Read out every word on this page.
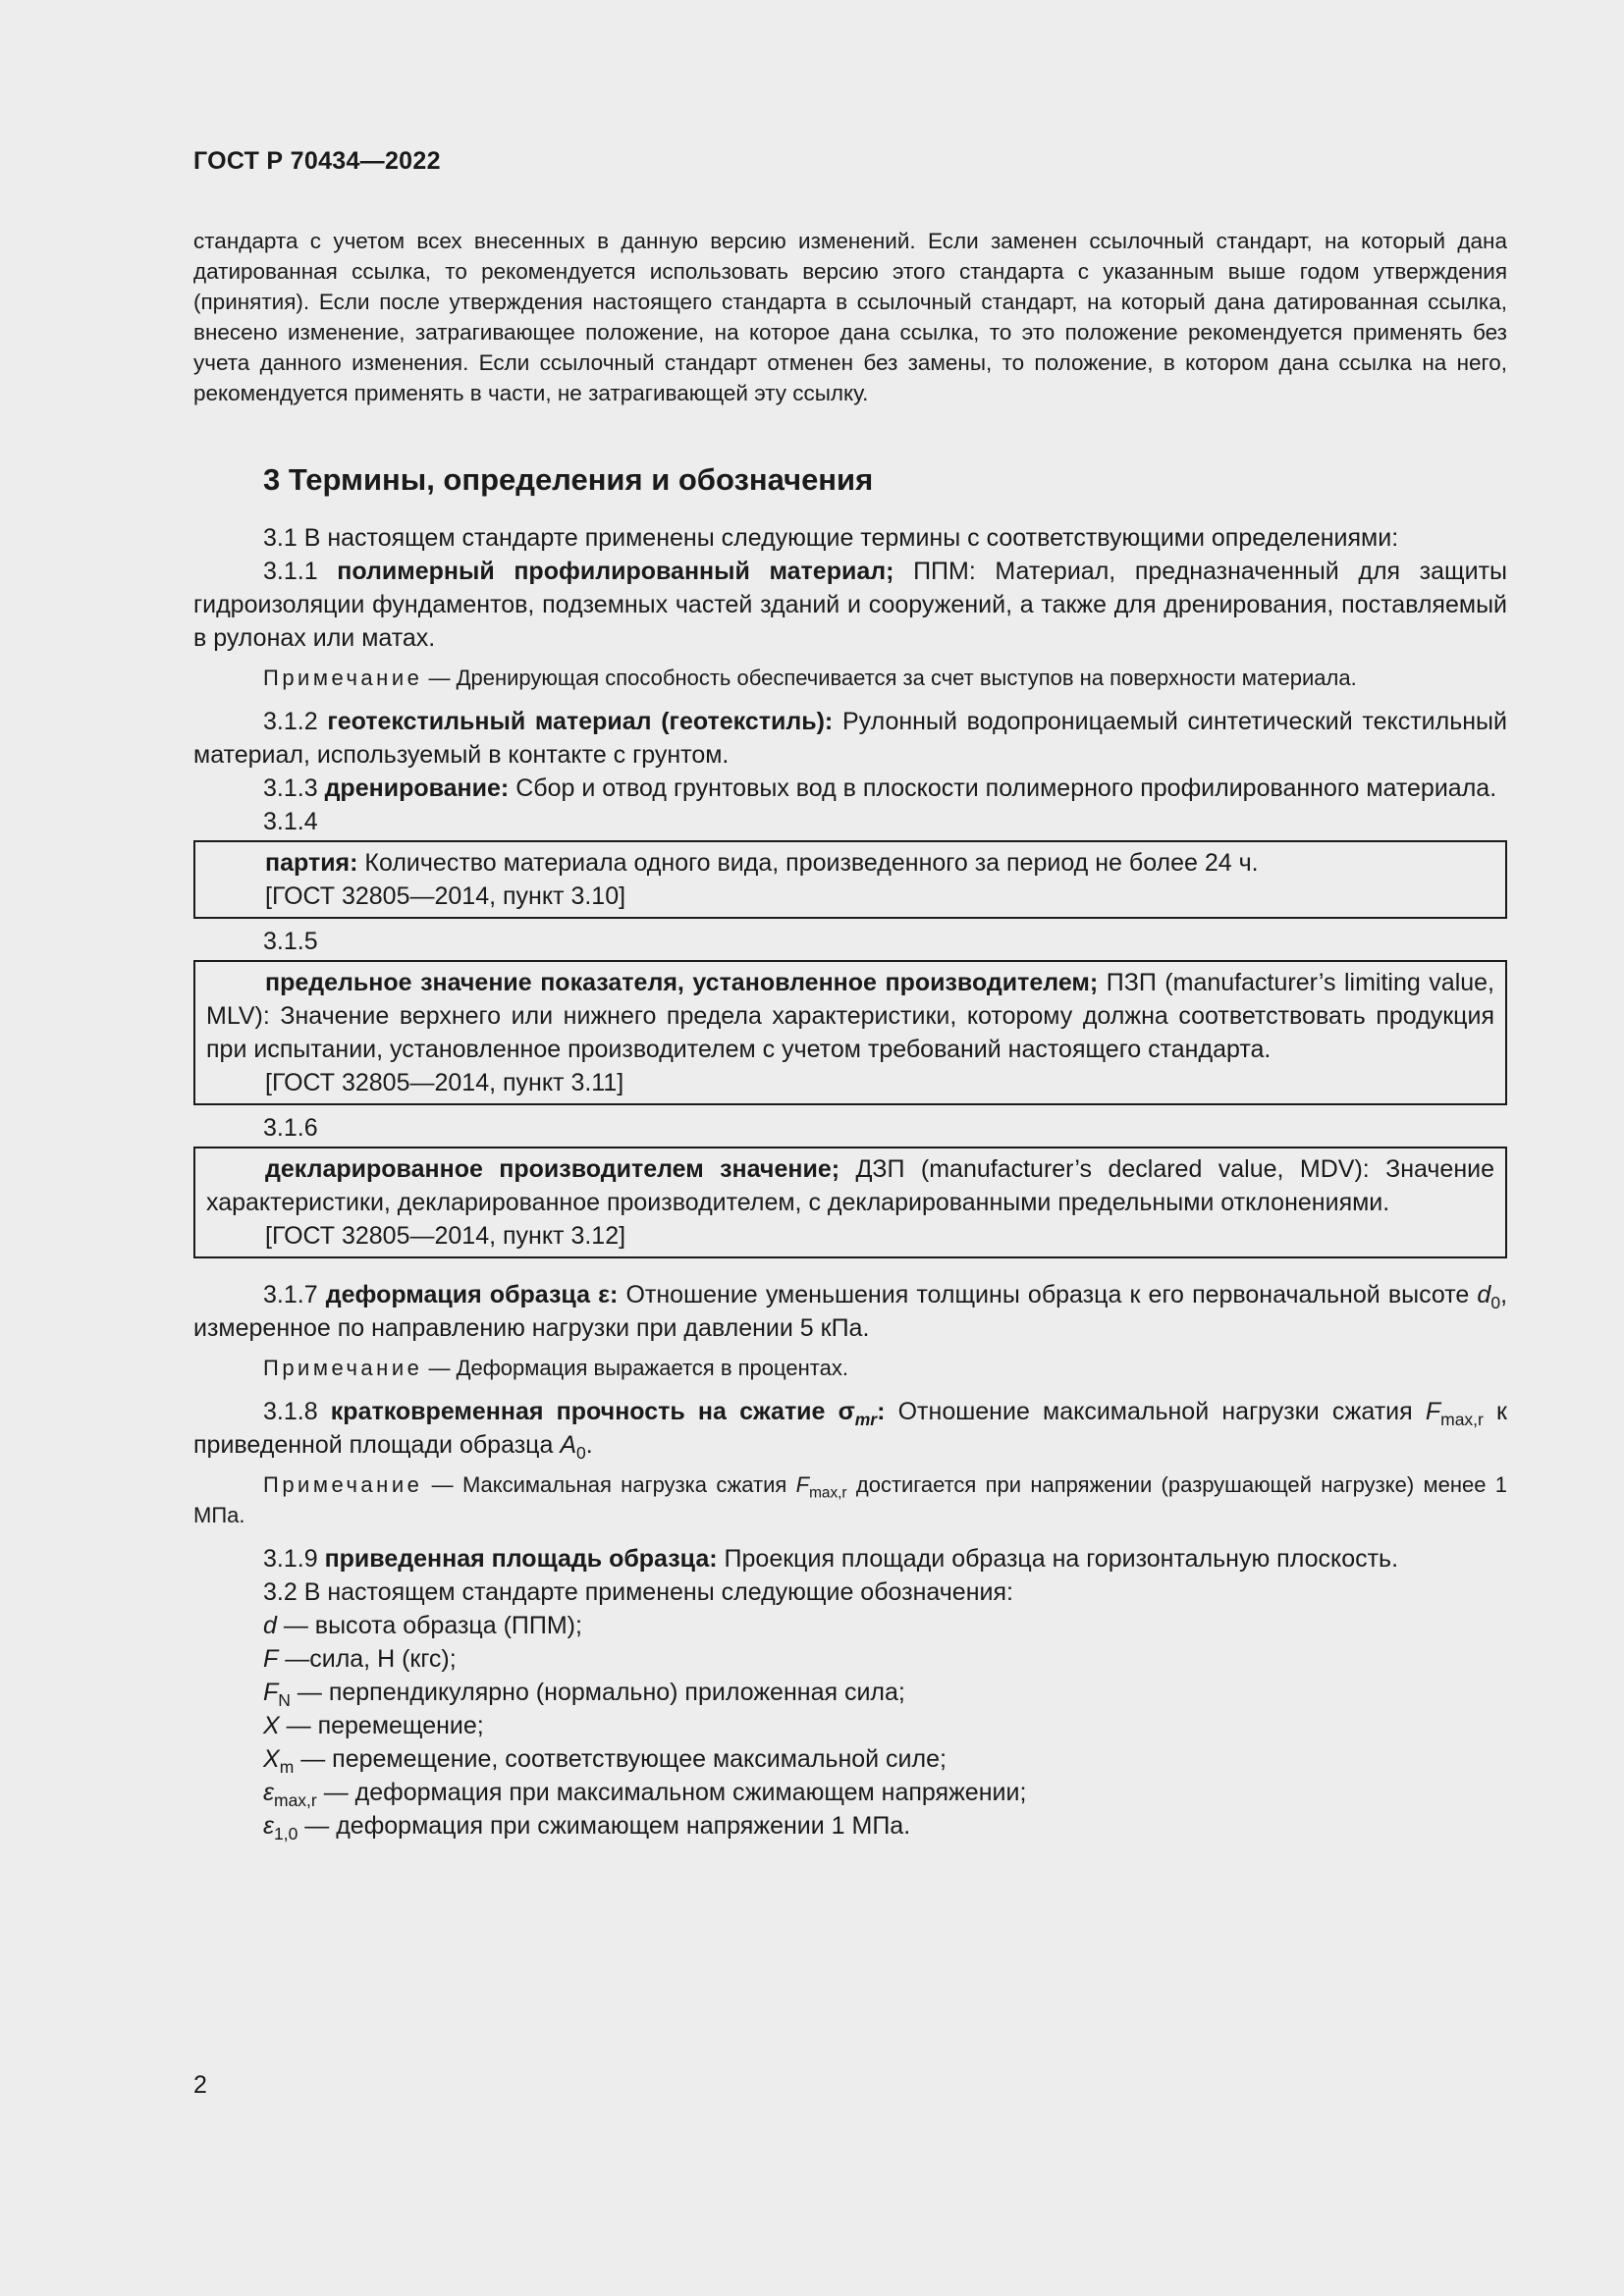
ГОСТ Р 70434—2022

стандарта с учетом всех внесенных в данную версию изменений. Если заменен ссылочный стандарт, на который дана датированная ссылка, то рекомендуется использовать версию этого стандарта с указанным выше годом утверждения (принятия). Если после утверждения настоящего стандарта в ссылочный стандарт, на который дана датированная ссылка, внесено изменение, затрагивающее положение, на которое дана ссылка, то это положение рекомендуется применять без учета данного изменения. Если ссылочный стандарт отменен без замены, то положение, в котором дана ссылка на него, рекомендуется применять в части, не затрагивающей эту ссылку.

3 Термины, определения и обозначения

3.1 В настоящем стандарте применены следующие термины с соответствующими определениями:

3.1.1 полимерный профилированный материал; ППМ: Материал, предназначенный для защиты гидроизоляции фундаментов, подземных частей зданий и сооружений, а также для дренирования, поставляемый в рулонах или матах.

Примечание — Дренирующая способность обеспечивается за счет выступов на поверхности материала.

3.1.2 геотекстильный материал (геотекстиль): Рулонный водопроницаемый синтетический текстильный материал, используемый в контакте с грунтом.

3.1.3 дренирование: Сбор и отвод грунтовых вод в плоскости полимерного профилированного материала.

3.1.4

партия: Количество материала одного вида, произведенного за период не более 24 ч.

[ГОСТ 32805—2014, пункт 3.10]

3.1.5

предельное значение показателя, установленное производителем; ПЗП (manufacturer’s limiting value, MLV): Значение верхнего или нижнего предела характеристики, которому должна соответствовать продукция при испытании, установленное производителем с учетом требований настоящего стандарта.

[ГОСТ 32805—2014, пункт 3.11]

3.1.6

декларированное производителем значение; ДЗП (manufacturer’s declared value, MDV): Значение характеристики, декларированное производителем, с декларированными предельными отклонениями.

[ГОСТ 32805—2014, пункт 3.12]

3.1.7 деформация образца ε: Отношение уменьшения толщины образца к его первоначальной высоте $d_0$, измеренное по направлению нагрузки при давлении 5 кПа.

Примечание — Деформация выражается в процентах.

3.1.8 кратковременная прочность на сжатие $\sigma_{mr}$: Отношение максимальной нагрузки сжатия $F_{max,r}$ к приведенной площади образца $A_0$.

Примечание — Максимальная нагрузка сжатия $F_{max,r}$ достигается при напряжении (разрушающей нагрузке) менее 1 МПа.

3.1.9 приведенная площадь образца: Проекция площади образца на горизонтальную плоскость.

3.2 В настоящем стандарте применены следующие обозначения:

d — высота образца (ППМ);

F —сила, Н (кгс);

$F_N$ — перпендикулярно (нормально) приложенная сила;

X — перемещение;

$X_m$ — перемещение, соответствующее максимальной силе;

$\varepsilon_{max,r}$ — деформация при максимальном сжимающем напряжении;

$\varepsilon_{1,0}$ — деформация при сжимающем напряжении 1 МПа.

2
